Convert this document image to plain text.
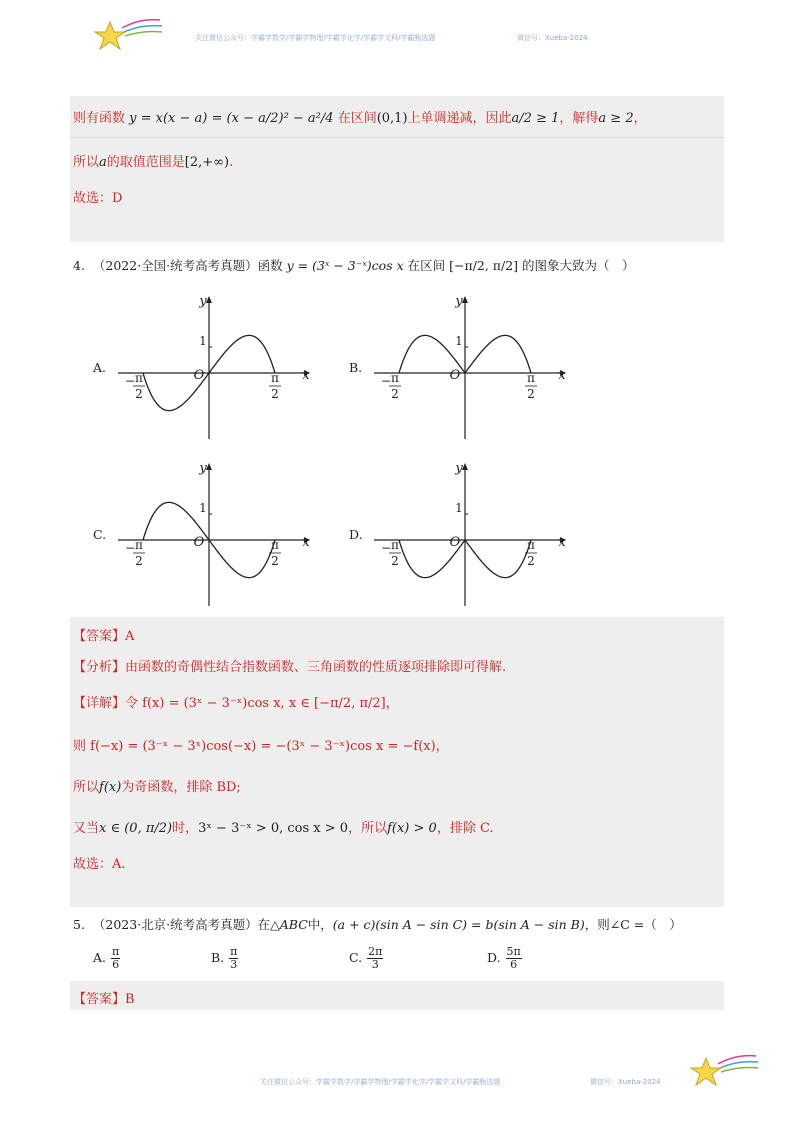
关注微信公众号：学霸学数学/学霸学物理/学霸学化学/学霸学文科/学霸甄选题	微信号：Xueba-2024
则有函数 y = x(x − a) = (x − a/2)² − a²/4 在区间(0,1)上单调递减，因此a/2 ≥ 1，解得a ≥ 2，
所以a的取值范围是[2,+∞).
故选：D
4. （2022·全国·统考高考真题）函数 y = (3ˣ − 3⁻ˣ)cos x 在区间 [−π/2, π/2] 的图象大致为（　）
A.	B.
C.	D.
y
x
O
1
− π
2
π
2
y
x
O
1
− π
2
π
2
y
x
O
1
− π
2
π
2
y
x
O
1
− π
2
π
2
【答案】A
【分析】由函数的奇偶性结合指数函数、三角函数的性质逐项排除即可得解.
【详解】令 f(x) = (3ˣ − 3⁻ˣ)cos x, x ∈ [−π/2, π/2]，
则 f(−x) = (3⁻ˣ − 3ˣ)cos(−x) = −(3ˣ − 3⁻ˣ)cos x = −f(x)，
所以f(x)为奇函数，排除 BD;
又当x ∈ (0, π/2)时，3ˣ − 3⁻ˣ > 0, cos x > 0，所以f(x) > 0，排除 C.
故选：A.
5. （2023·北京·统考高考真题）在△ABC中，(a + c)(sin A − sin C) = b(sin A − sin B)，则∠C =（　）
A. $\frac{\pi}{6}$	B. $\frac{\pi}{3}$	C. $\frac{2\pi}{3}$	D. $\frac{5\pi}{6}$
【答案】B
关注微信公众号：学霸学数学/学霸学物理/学霸学化学/学霸学文科/学霸甄选题	微信号：Xueba-2024
